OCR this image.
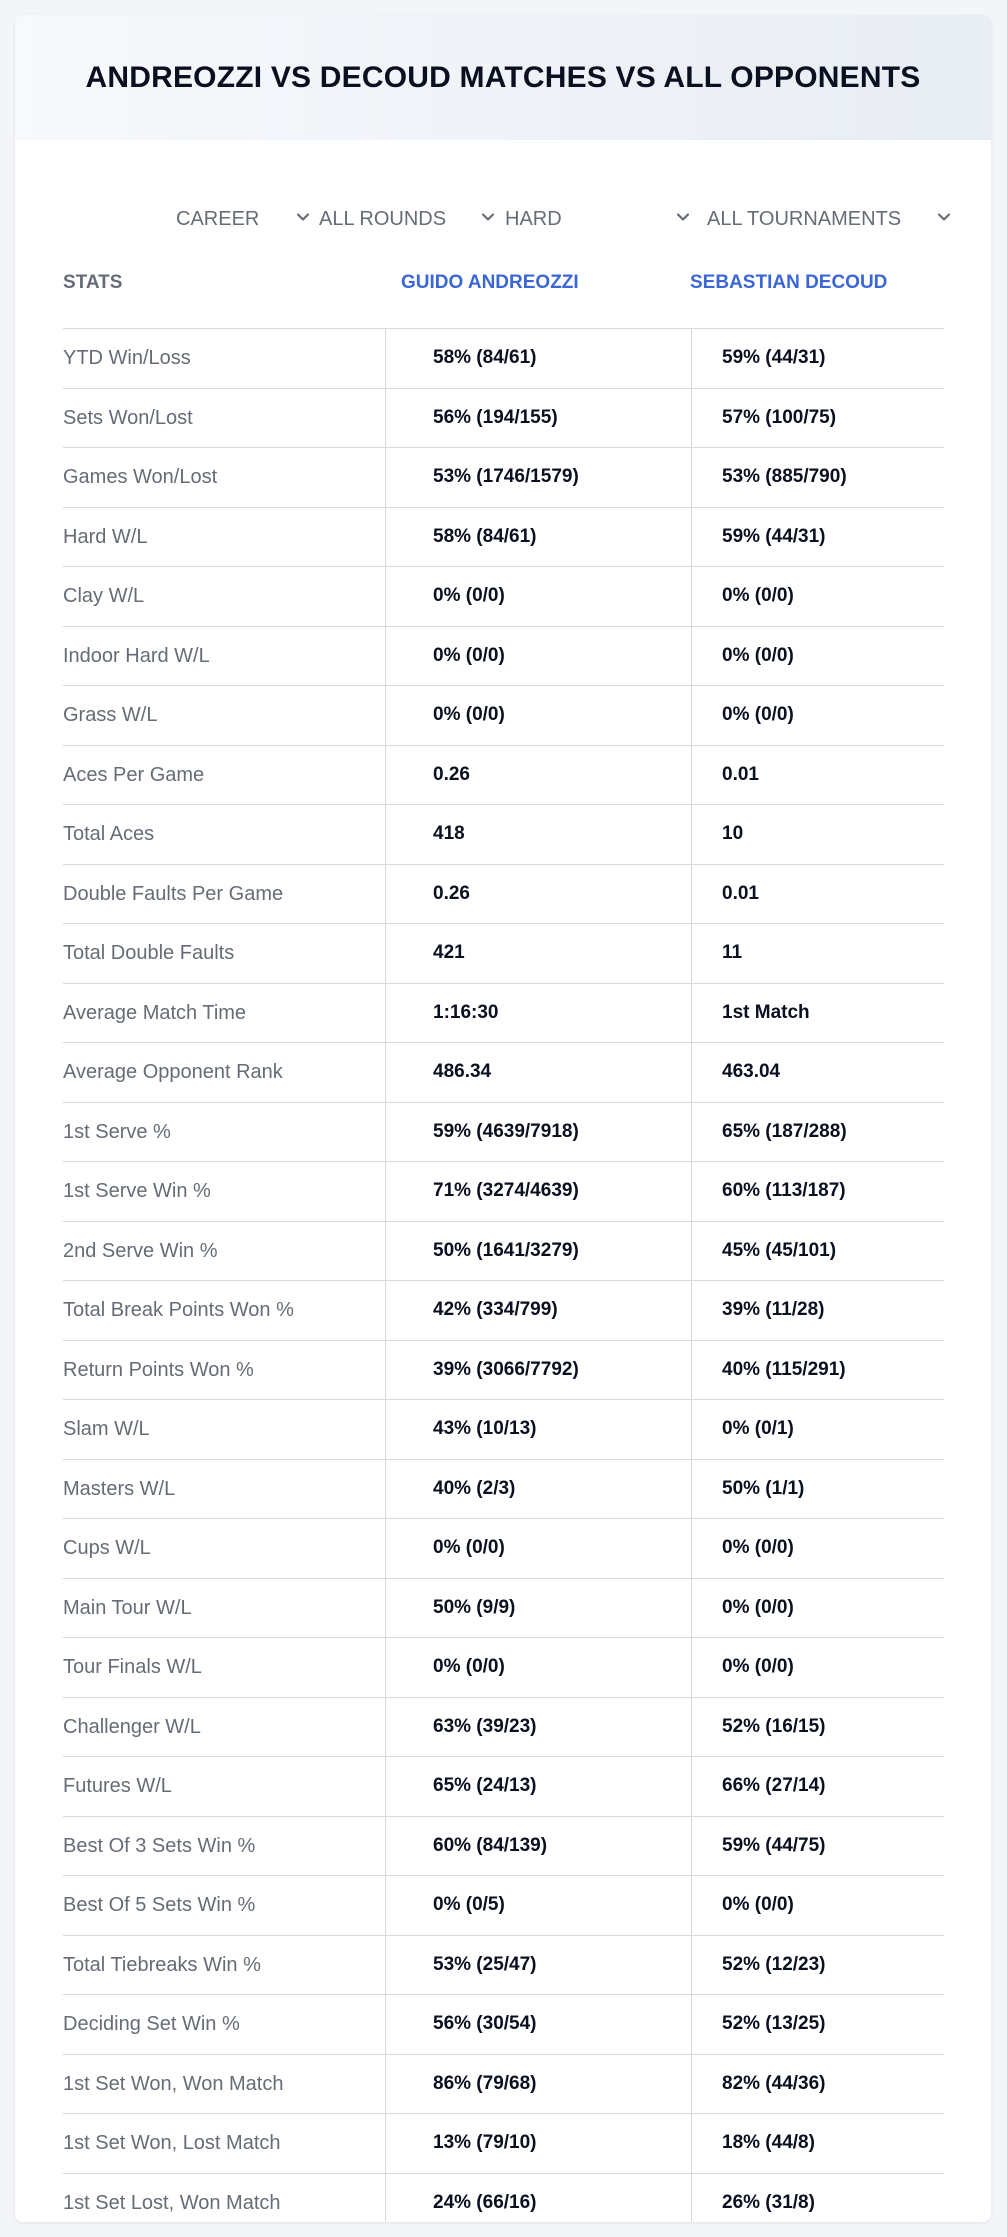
ANDREOZZI VS DECOUD MATCHES VS ALL OPPONENTS
CAREER	ALL ROUNDS	HARD	ALL TOURNAMENTS
STATS	GUIDO ANDREOZZI	SEBASTIAN DECOUD
YTD Win/Loss	58% (84/61)	59% (44/31)
Sets Won/Lost	56% (194/155)	57% (100/75)
Games Won/Lost	53% (1746/1579)	53% (885/790)
Hard W/L	58% (84/61)	59% (44/31)
Clay W/L	0% (0/0)	0% (0/0)
Indoor Hard W/L	0% (0/0)	0% (0/0)
Grass W/L	0% (0/0)	0% (0/0)
Aces Per Game	0.26	0.01
Total Aces	418	10
Double Faults Per Game	0.26	0.01
Total Double Faults	421	11
Average Match Time	1:16:30	1st Match
Average Opponent Rank	486.34	463.04
1st Serve %	59% (4639/7918)	65% (187/288)
1st Serve Win %	71% (3274/4639)	60% (113/187)
2nd Serve Win %	50% (1641/3279)	45% (45/101)
Total Break Points Won %	42% (334/799)	39% (11/28)
Return Points Won %	39% (3066/7792)	40% (115/291)
Slam W/L	43% (10/13)	0% (0/1)
Masters W/L	40% (2/3)	50% (1/1)
Cups W/L	0% (0/0)	0% (0/0)
Main Tour W/L	50% (9/9)	0% (0/0)
Tour Finals W/L	0% (0/0)	0% (0/0)
Challenger W/L	63% (39/23)	52% (16/15)
Futures W/L	65% (24/13)	66% (27/14)
Best Of 3 Sets Win %	60% (84/139)	59% (44/75)
Best Of 5 Sets Win %	0% (0/5)	0% (0/0)
Total Tiebreaks Win %	53% (25/47)	52% (12/23)
Deciding Set Win %	56% (30/54)	52% (13/25)
1st Set Won, Won Match	86% (79/68)	82% (44/36)
1st Set Won, Lost Match	13% (79/10)	18% (44/8)
1st Set Lost, Won Match	24% (66/16)	26% (31/8)
